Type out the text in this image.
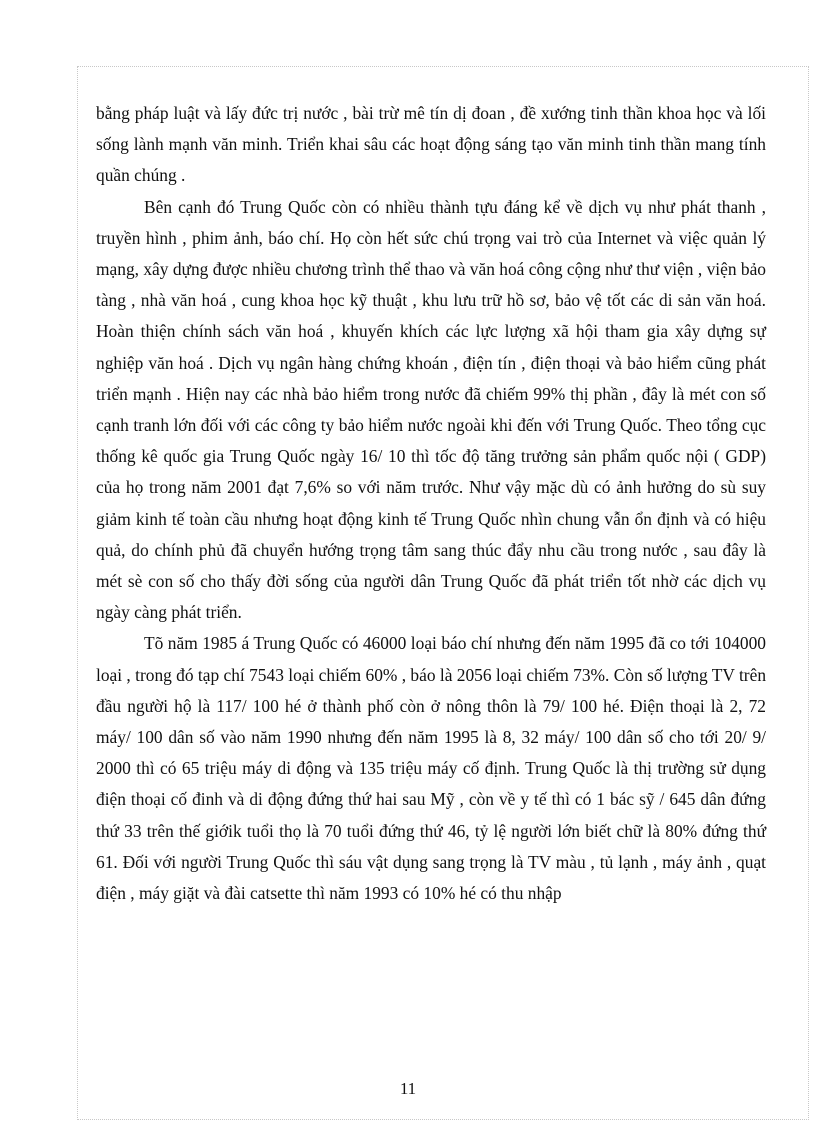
bằng pháp luật và lấy đức trị nước , bài trừ mê tín dị đoan , đề xướng tinh thần khoa học và lối sống lành mạnh văn minh. Triển khai sâu các hoạt động sáng tạo văn minh tinh thần mang tính quần chúng .

Bên cạnh đó Trung Quốc còn có nhiều thành tựu đáng kể về dịch vụ như phát thanh , truyền hình , phim ảnh, báo chí. Họ còn hết sức chú trọng vai trò của Internet và việc quản lý mạng, xây dựng được nhiều chương trình thể thao và văn hoá công cộng như thư viện , viện bảo tàng , nhà văn hoá , cung khoa học kỹ thuật , khu lưu trữ hồ sơ, bảo vệ tốt các di sản văn hoá. Hoàn thiện chính sách văn hoá , khuyến khích các lực lượng xã hội tham gia xây dựng sự nghiệp văn hoá . Dịch vụ ngân hàng chứng khoán , điện tín , điện thoại và bảo hiểm cũng phát triển mạnh . Hiện nay các nhà bảo hiểm trong nước đã chiếm 99% thị phần , đây là mét con số cạnh tranh lớn đối với các công ty bảo hiểm nước ngoài khi đến với Trung Quốc. Theo tổng cục thống kê quốc gia Trung Quốc ngày 16/ 10 thì tốc độ tăng trưởng sản phẩm quốc nội ( GDP) của họ trong năm 2001 đạt 7,6% so với năm trước. Như vậy mặc dù có ảnh hưởng do sù suy giảm kinh tế toàn cầu nhưng hoạt động kinh tế Trung Quốc nhìn chung vẫn ổn định và có hiệu quả, do chính phủ đã chuyển hướng trọng tâm sang thúc đẩy nhu cầu trong nước , sau đây là mét sè con số cho thấy đời sống của người dân Trung Quốc đã phát triển tốt nhờ các dịch vụ ngày càng phát triển.

Tõ năm 1985 á Trung Quốc có 46000 loại báo chí nhưng đến năm 1995 đã co tới 104000 loại , trong đó tạp chí 7543 loại chiếm 60% , báo là 2056 loại chiếm 73%. Còn số lượng TV trên đầu người hộ là 117/ 100 hé ở thành phố còn ở nông thôn là 79/ 100 hé. Điện thoại là 2, 72 máy/ 100 dân số vào năm 1990 nhưng đến năm 1995 là 8, 32 máy/ 100 dân số cho tới 20/ 9/ 2000 thì có 65 triệu máy di động và 135 triệu máy cố định. Trung Quốc là thị trường sử dụng điện thoại cố đinh và di động đứng thứ hai sau Mỹ , còn về y tế thì có 1 bác sỹ / 645 dân đứng thứ 33 trên thế giớik tuổi thọ là 70 tuổi đứng thứ 46, tỷ lệ người lớn biết chữ là 80% đứng thứ 61. Đối với người Trung Quốc thì sáu vật dụng sang trọng là TV màu , tủ lạnh , máy ảnh , quạt điện , máy giặt và đài catsette thì năm 1993 có 10% hé có thu nhập

11
